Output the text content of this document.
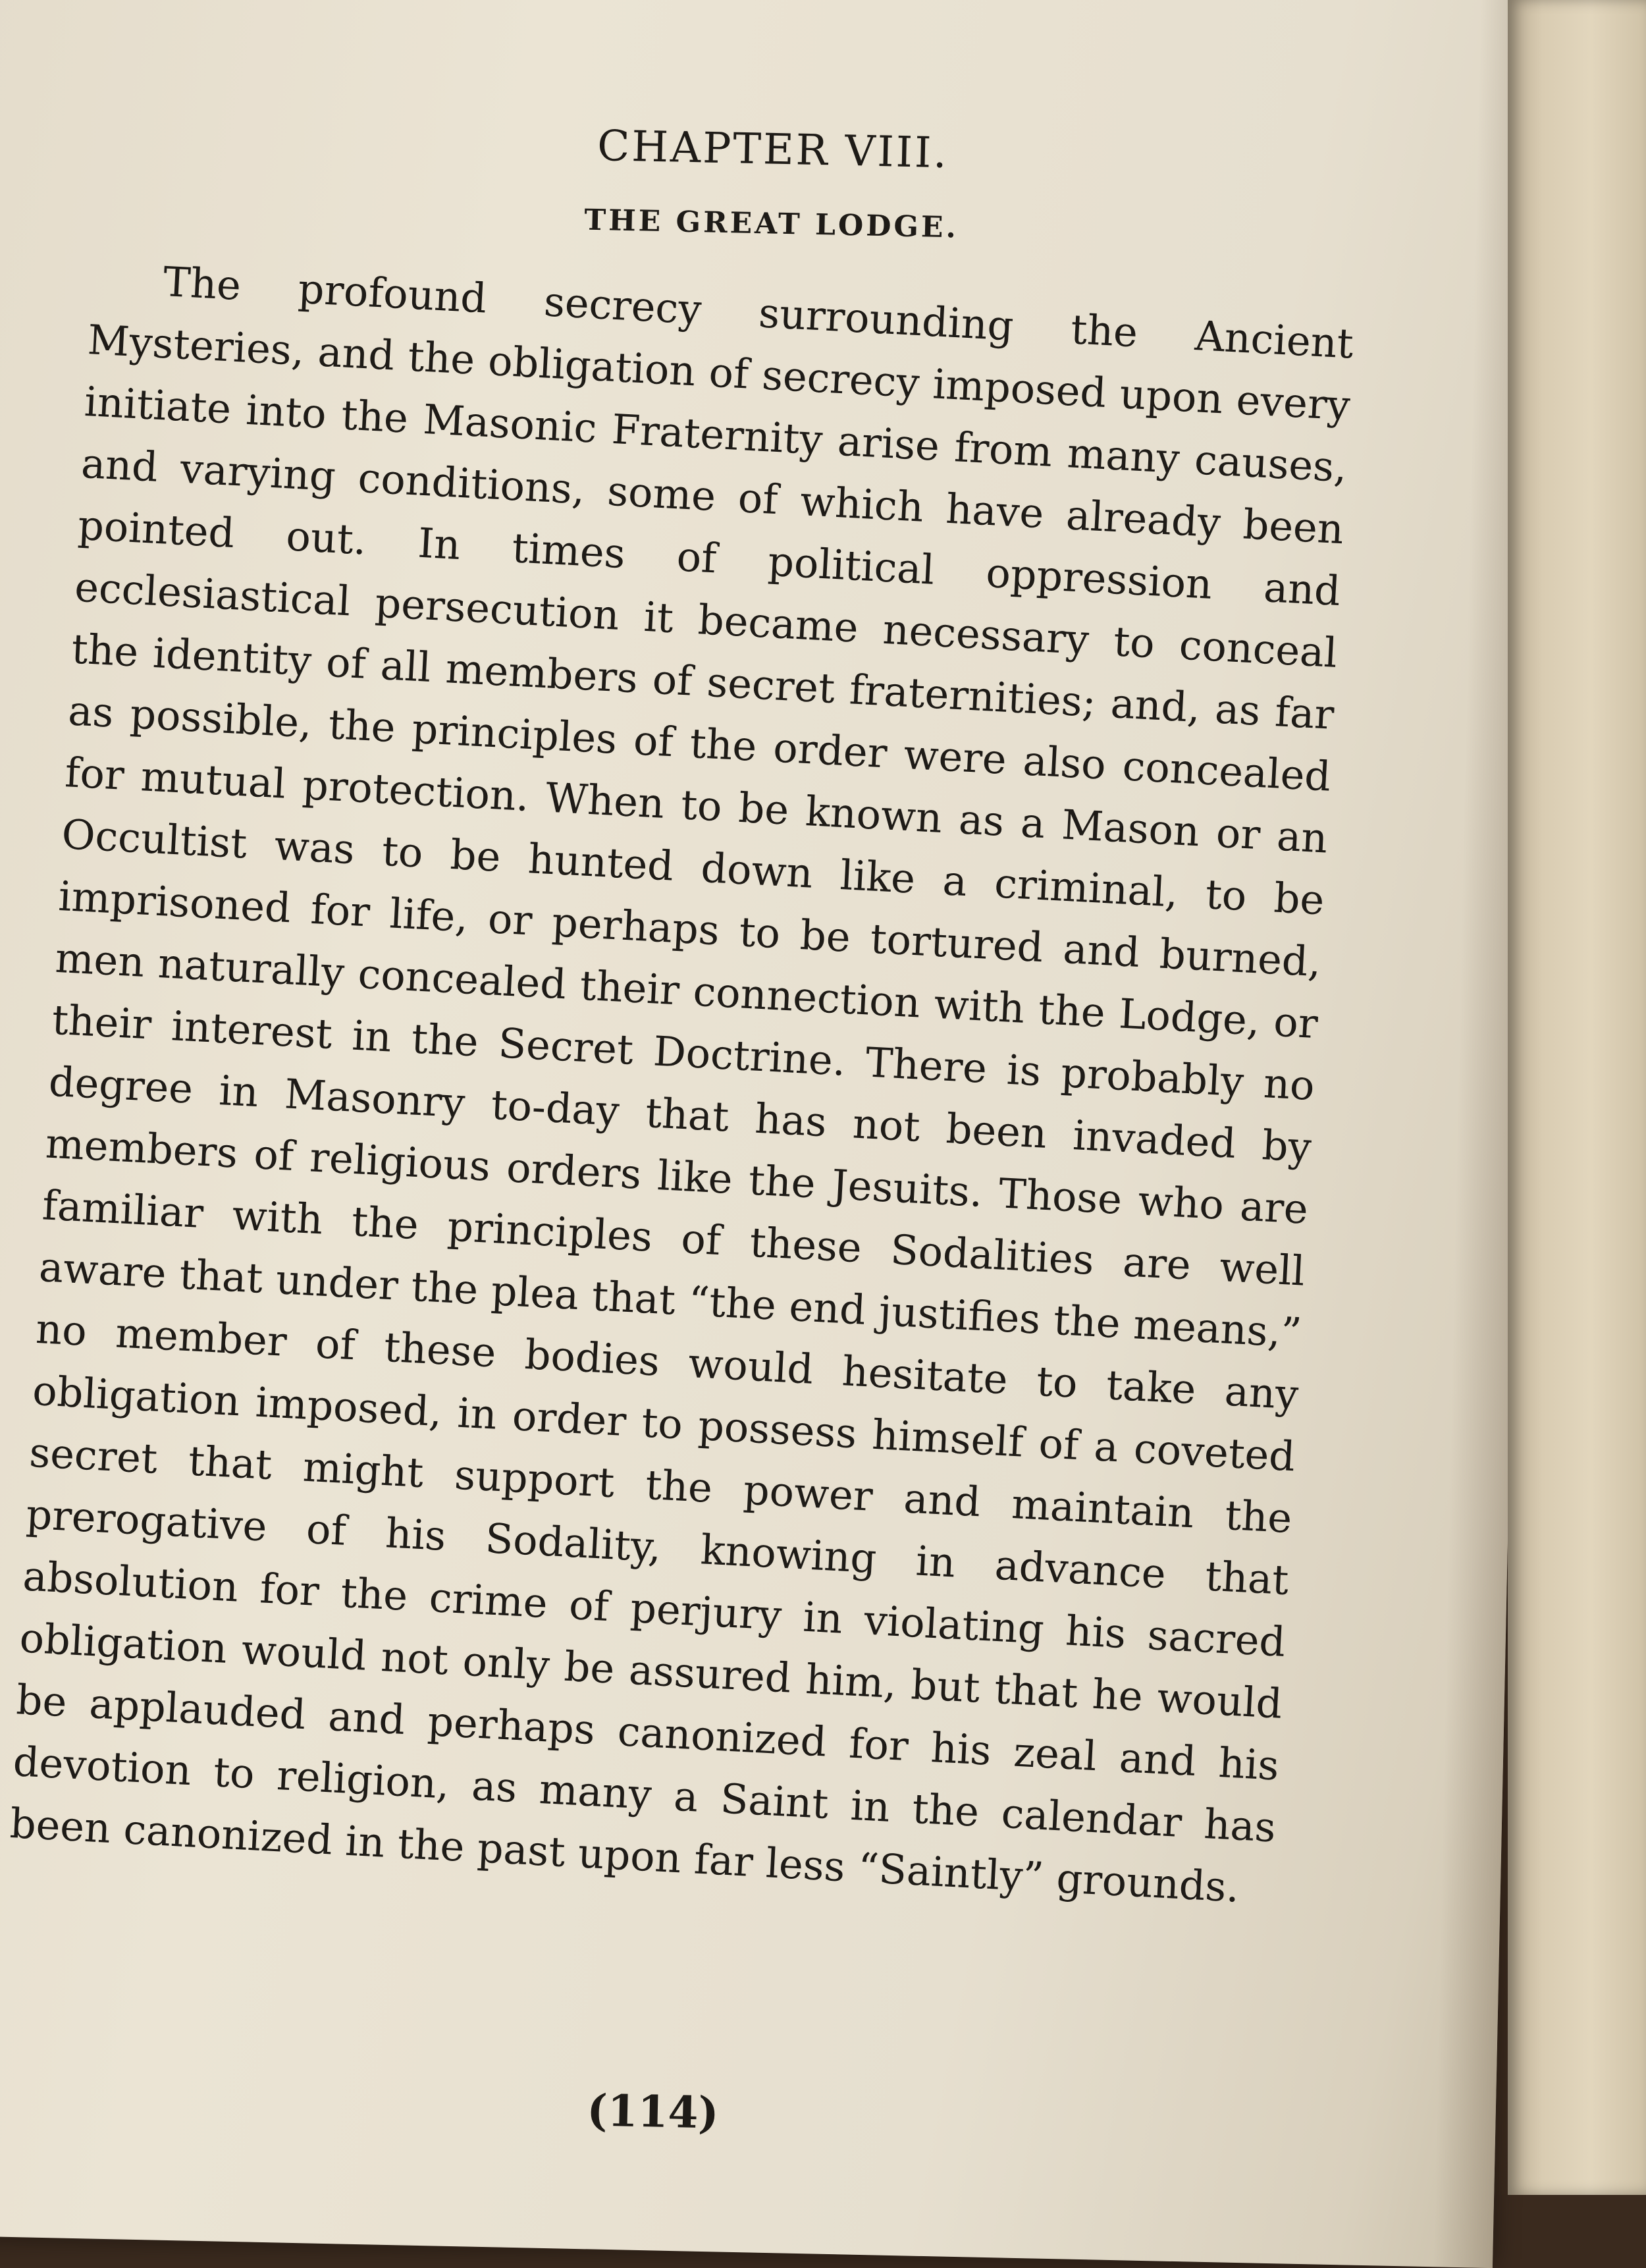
CHAPTER VIII.
THE GREAT LODGE.

The profound secrecy surrounding the Ancient Mysteries, and the obligation of secrecy imposed upon every initiate into the Masonic Fraternity arise from many causes, and varying conditions, some of which have already been pointed out. In times of political oppression and ecclesiastical persecution it became necessary to conceal the identity of all members of secret fraternities; and, as far as possible, the principles of the order were also concealed for mutual protection. When to be known as a Mason or an Occultist was to be hunted down like a criminal, to be imprisoned for life, or perhaps to be tortured and burned, men naturally concealed their connection with the Lodge, or their interest in the Secret Doctrine. There is probably no degree in Masonry to-day that has not been invaded by members of religious orders like the Jesuits. Those who are familiar with the principles of these Sodalities are well aware that under the plea that “the end justifies the means,” no member of these bodies would hesitate to take any obligation imposed, in order to possess himself of a coveted secret that might support the power and maintain the prerogative of his Sodality, knowing in advance that absolution for the crime of perjury in violating his sacred obligation would not only be assured him, but that he would be applauded and perhaps canonized for his zeal and his devotion to religion, as many a Saint in the calendar has been canonized in the past upon far less “Saintly” grounds.

(114)
